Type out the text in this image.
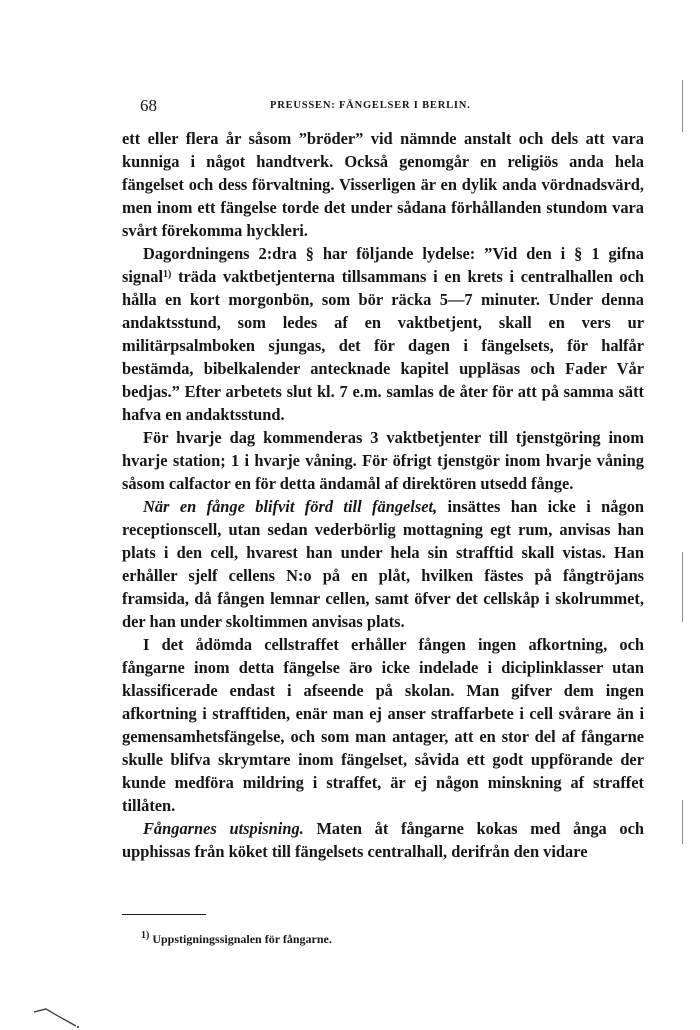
68	PREUSSEN: FÄNGELSER I BERLIN.

ett eller flera år såsom ”bröder” vid nämnde anstalt och dels att vara kunniga i något handtverk. Också genomgår en religiös anda hela fängelset och dess förvaltning. Visserligen är en dylik anda vördnadsvärd, men inom ett fängelse torde det under sådana förhållanden stundom vara svårt förekomma hyckleri.

Dagordningens 2:dra § har följande lydelse: ”Vid den i § 1 gifna signal$^{1)}$ träda vaktbetjenterna tillsammans i en krets i centralhallen och hålla en kort morgonbön, som bör räcka 5—7 minuter. Under denna andaktsstund, som ledes af en vaktbetjent, skall en vers ur militärpsalmboken sjungas, det för dagen i fängelsets, för halfår bestämda, bibelkalender antecknade kapitel uppläsas och Fader Vår bedjas.” Efter arbetets slut kl. 7 e.m. samlas de åter för att på samma sätt hafva en andaktsstund.

För hvarje dag kommenderas 3 vaktbetjenter till tjenstgöring inom hvarje station; 1 i hvarje våning. För öfrigt tjenstgör inom hvarje våning såsom calfactor en för detta ändamål af direktören utsedd fånge.

När en fånge blifvit förd till fängelset, insättes han icke i någon receptionscell, utan sedan vederbörlig mottagning egt rum, anvisas han plats i den cell, hvarest han under hela sin strafftid skall vistas. Han erhåller sjelf cellens N:o på en plåt, hvilken fästes på fångtröjans framsida, då fången lemnar cellen, samt öfver det cellskåp i skolrummet, der han under skoltimmen anvisas plats.

I det ådömda cellstraffet erhåller fången ingen afkortning, och fångarne inom detta fängelse äro icke indelade i diciplinklasser utan klassificerade endast i afseende på skolan. Man gifver dem ingen afkortning i strafftiden, enär man ej anser straffarbete i cell svårare än i gemensamhetsfängelse, och som man antager, att en stor del af fångarne skulle blifva skrymtare inom fängelset, såvida ett godt uppförande der kunde medföra mildring i straffet, är ej någon minskning af straffet tillåten.

Fångarnes utspisning. Maten åt fångarne kokas med ånga och upphissas från köket till fängelsets centralhall, derifrån den vidare

$^{1)}$ Uppstigningssignalen för fångarne.
